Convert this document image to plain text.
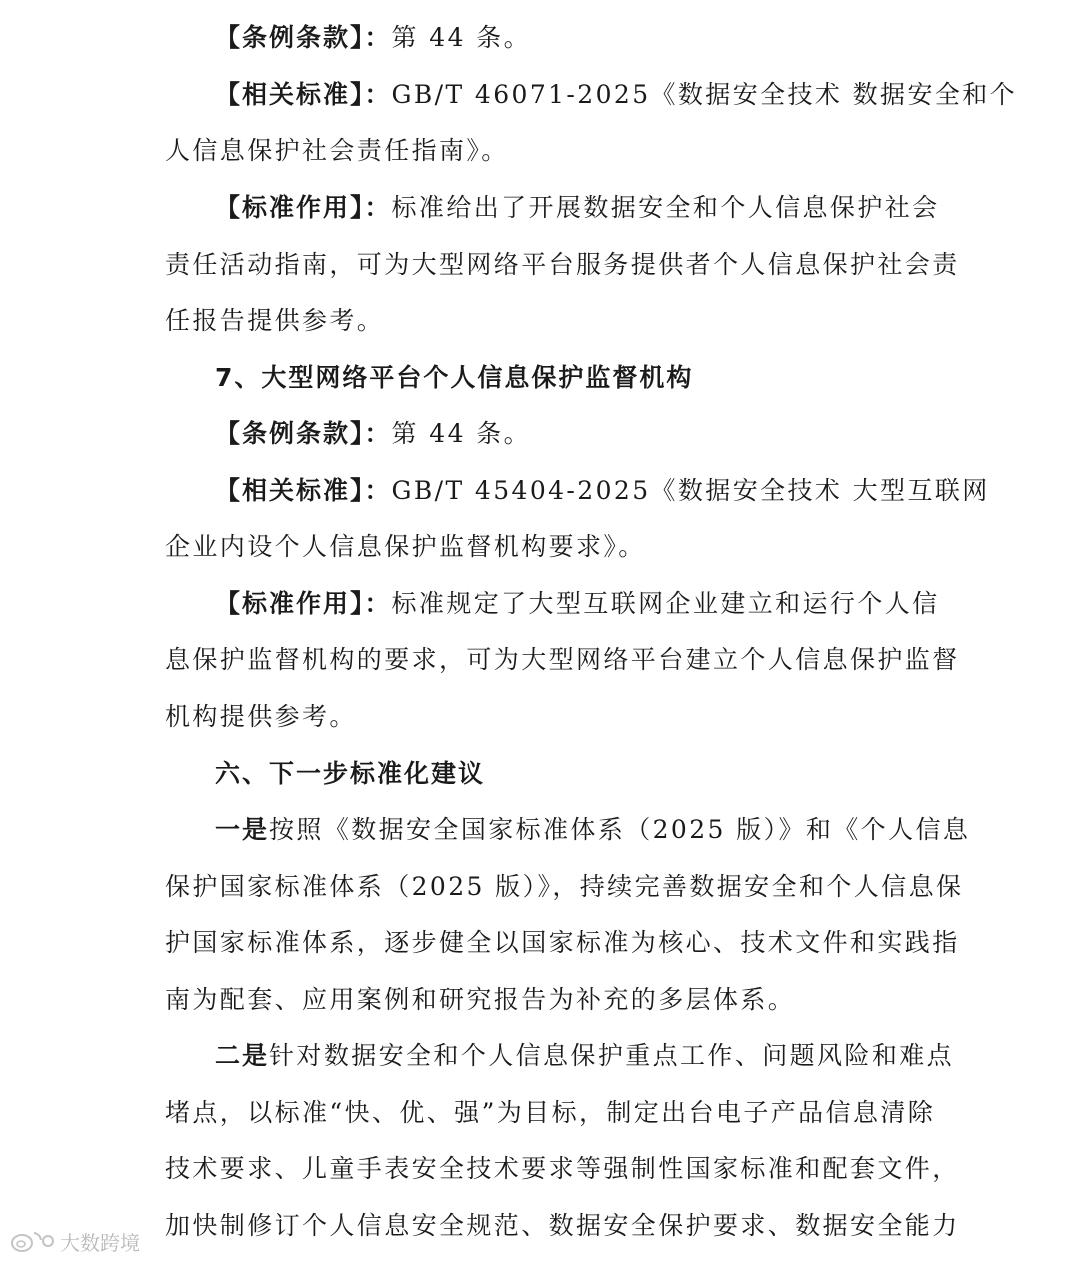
【条例条款】：第 44 条。
【相关标准】：GB/T 46071-2025《数据安全技术 数据安全和个
人信息保护社会责任指南》。
【标准作用】：标准给出了开展数据安全和个人信息保护社会
责任活动指南，可为大型网络平台服务提供者个人信息保护社会责
任报告提供参考。
7、大型网络平台个人信息保护监督机构
【条例条款】：第 44 条。
【相关标准】：GB/T 45404-2025《数据安全技术 大型互联网
企业内设个人信息保护监督机构要求》。
【标准作用】：标准规定了大型互联网企业建立和运行个人信
息保护监督机构的要求，可为大型网络平台建立个人信息保护监督
机构提供参考。
六、下一步标准化建议
一是按照《数据安全国家标准体系（2025 版）》和《个人信息
保护国家标准体系（2025 版）》，持续完善数据安全和个人信息保
护国家标准体系，逐步健全以国家标准为核心、技术文件和实践指
南为配套、应用案例和研究报告为补充的多层体系。
二是针对数据安全和个人信息保护重点工作、问题风险和难点
堵点，以标准“快、优、强”为目标，制定出台电子产品信息清除
技术要求、儿童手表安全技术要求等强制性国家标准和配套文件，
加快制修订个人信息安全规范、数据安全保护要求、数据安全能力
大数跨境
